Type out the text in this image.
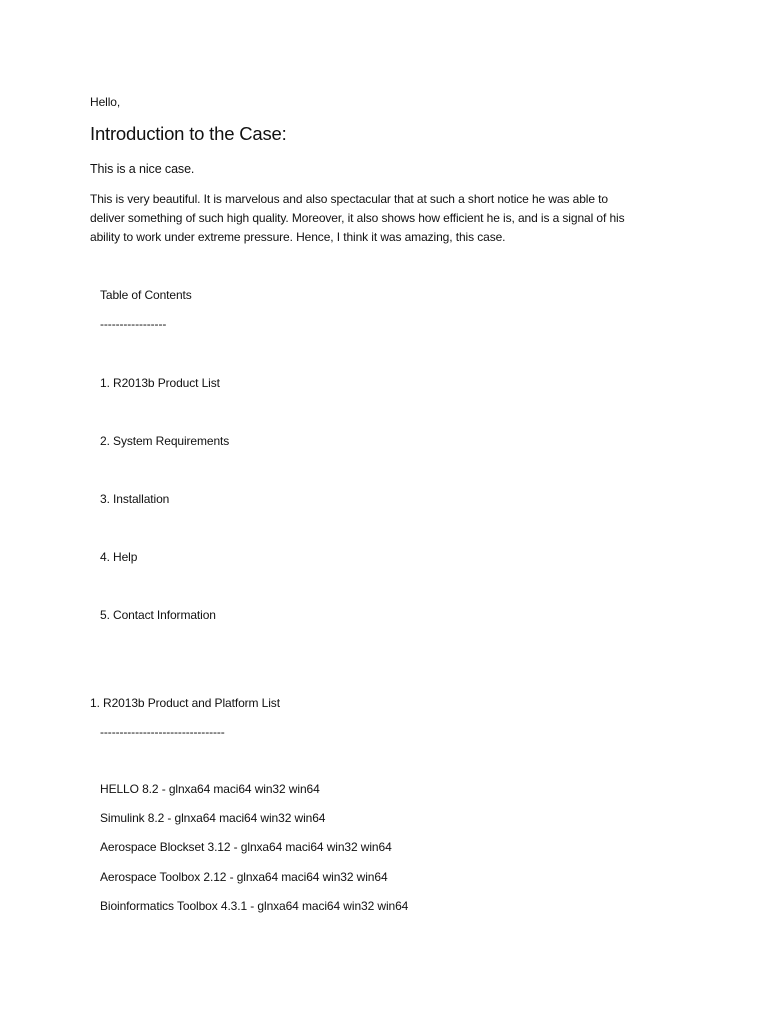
Hello,
Introduction to the Case:
This is a nice case.
This is very beautiful. It is marvelous and also spectacular that at such a short notice he was able to
deliver something of such high quality. Moreover, it also shows how efficient he is, and is a signal of his
ability to work under extreme pressure. Hence, I think it was amazing, this case.
Table of Contents
-----------------
1. R2013b Product List
2. System Requirements
3. Installation
4. Help
5. Contact Information
1. R2013b Product and Platform List
--------------------------------
HELLO 8.2 - glnxa64 maci64 win32 win64
Simulink 8.2 - glnxa64 maci64 win32 win64
Aerospace Blockset 3.12 - glnxa64 maci64 win32 win64
Aerospace Toolbox 2.12 - glnxa64 maci64 win32 win64
Bioinformatics Toolbox 4.3.1 - glnxa64 maci64 win32 win64
